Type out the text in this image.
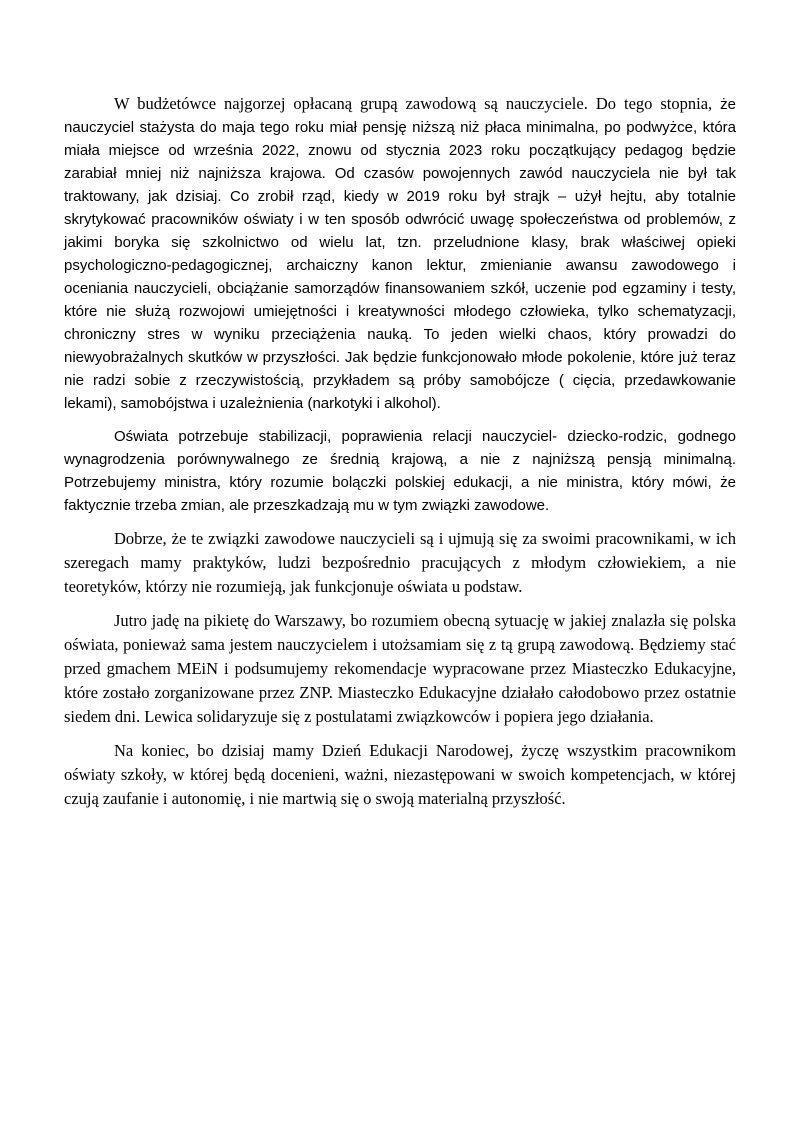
W budżetówce najgorzej opłacaną grupą zawodową są nauczyciele. Do tego stopnia, że nauczyciel stażysta do maja tego roku miał pensję niższą niż płaca minimalna, po podwyżce, która miała miejsce od września 2022, znowu od stycznia 2023 roku początkujący pedagog będzie zarabiał mniej niż najniższa krajowa. Od czasów powojennych zawód nauczyciela nie był tak traktowany, jak dzisiaj. Co zrobił rząd, kiedy w 2019 roku był strajk – użył hejtu, aby totalnie skrytykować pracowników oświaty i w ten sposób odwrócić uwagę społeczeństwa od problemów, z jakimi boryka się szkolnictwo od wielu lat, tzn. przeludnione klasy, brak właściwej opieki psychologiczno-pedagogicznej, archaiczny kanon lektur, zmienianie awansu zawodowego i oceniania nauczycieli, obciążanie samorządów finansowaniem szkół, uczenie pod egzaminy i testy, które nie służą rozwojowi umiejętności i kreatywności młodego człowieka, tylko schematyzacji, chroniczny stres w wyniku przeciążenia nauką. To jeden wielki chaos, który prowadzi do niewyobrażalnych skutków w przyszłości. Jak będzie funkcjonowało młode pokolenie, które już teraz nie radzi sobie z rzeczywistością, przykładem są próby samobójcze ( cięcia, przedawkowanie lekami), samobójstwa i uzależnienia (narkotyki i alkohol).

Oświata potrzebuje stabilizacji, poprawienia relacji nauczyciel- dziecko-rodzic, godnego wynagrodzenia porównywalnego ze średnią krajową, a nie z najniższą pensją minimalną. Potrzebujemy ministra, który rozumie bolączki polskiej edukacji, a nie ministra, który mówi, że faktycznie trzeba zmian, ale przeszkadzają mu w tym związki zawodowe.

Dobrze, że te związki zawodowe nauczycieli są i ujmują się za swoimi pracownikami, w ich szeregach mamy praktyków, ludzi bezpośrednio pracujących z młodym człowiekiem, a nie teoretyków, którzy nie rozumieją, jak funkcjonuje oświata u podstaw.

Jutro jadę na pikietę do Warszawy, bo rozumiem obecną sytuację w jakiej znalazła się polska oświata, ponieważ sama jestem nauczycielem i utożsamiam się z tą grupą zawodową. Będziemy stać przed gmachem MEiN i podsumujemy rekomendacje wypracowane przez Miasteczko Edukacyjne, które zostało zorganizowane przez ZNP. Miasteczko Edukacyjne działało całodobowo przez ostatnie siedem dni. Lewica solidaryzuje się z postulatami związkowców i popiera jego działania.

Na koniec, bo dzisiaj mamy Dzień Edukacji Narodowej, życzę wszystkim pracownikom oświaty szkoły, w której będą docenieni, ważni, niezastępowani w swoich kompetencjach, w której czują zaufanie i autonomię, i nie martwią się o swoją materialną przyszłość.
